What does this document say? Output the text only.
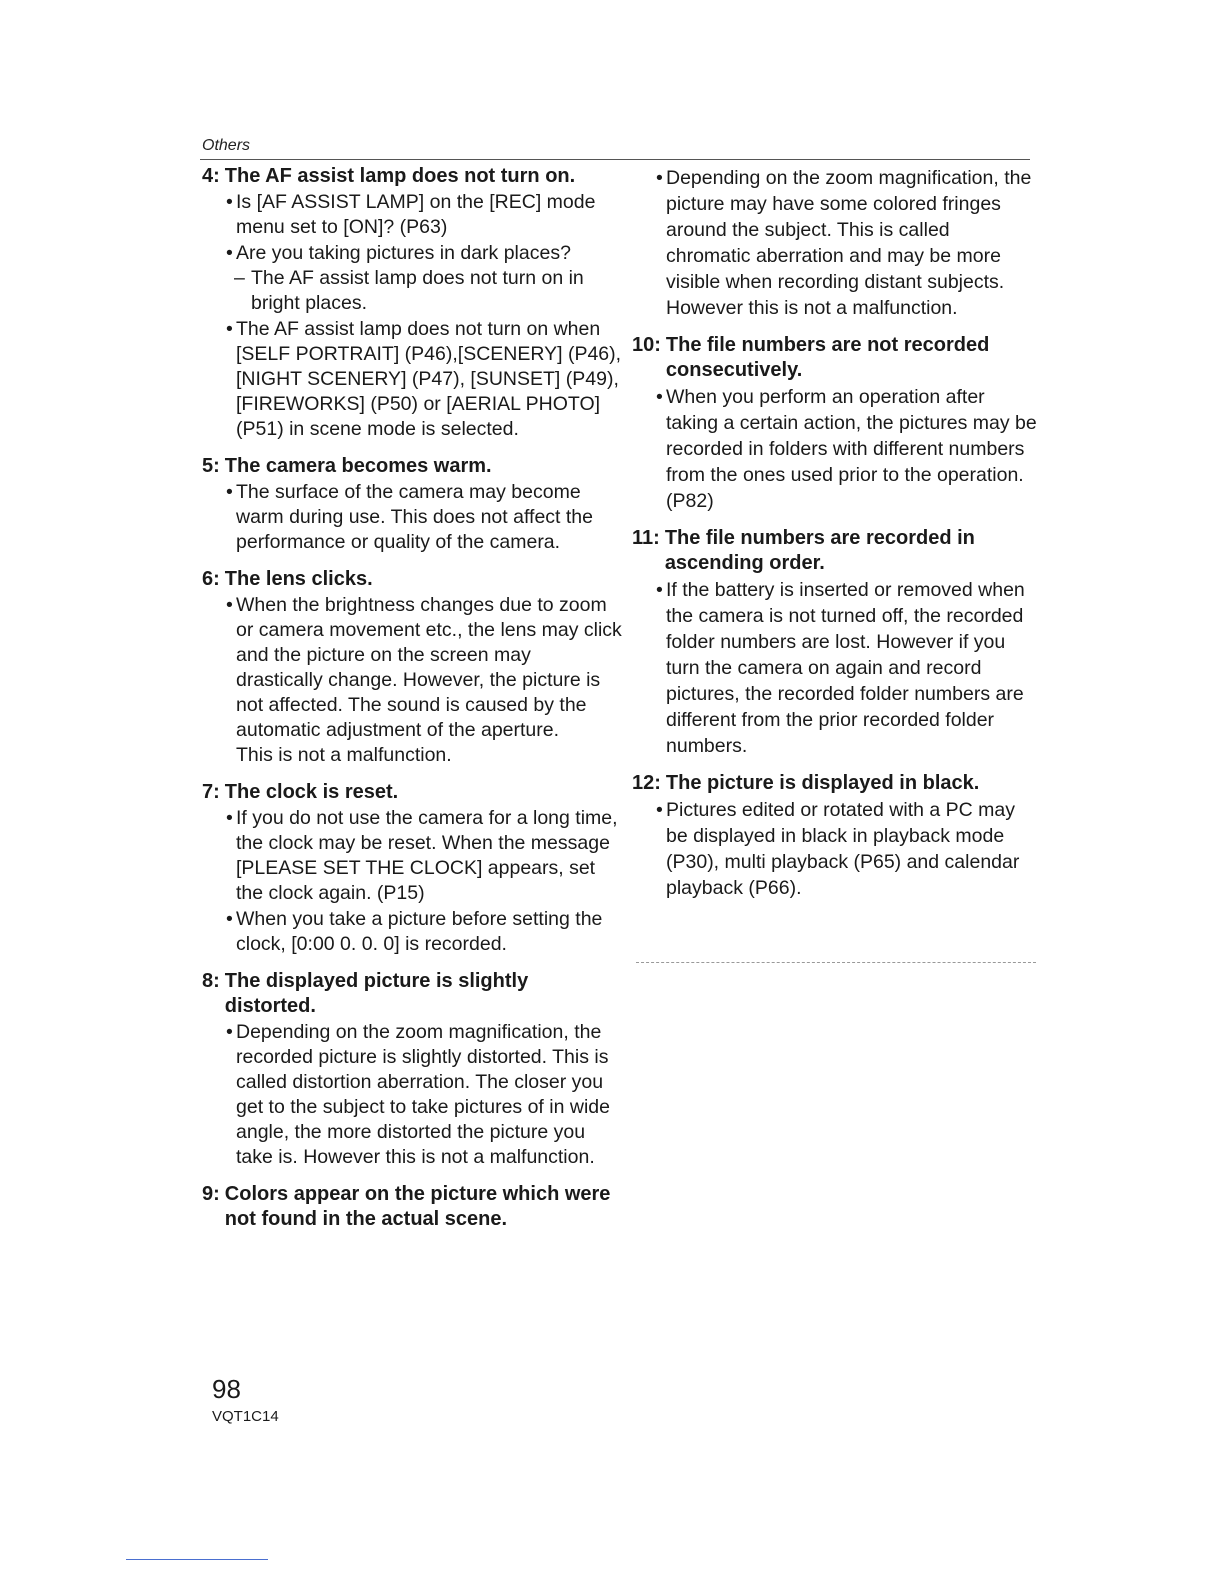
Others
4: The AF assist lamp does not turn on.
• Is [AF ASSIST LAMP] on the [REC] mode menu set to [ON]? (P63)
• Are you taking pictures in dark places?
– The AF assist lamp does not turn on in bright places.
• The AF assist lamp does not turn on when [SELF PORTRAIT] (P46),[SCENERY] (P46), [NIGHT SCENERY] (P47), [SUNSET] (P49), [FIREWORKS] (P50) or [AERIAL PHOTO] (P51) in scene mode is selected.
5: The camera becomes warm.
• The surface of the camera may become warm during use. This does not affect the performance or quality of the camera.
6: The lens clicks.
• When the brightness changes due to zoom or camera movement etc., the lens may click and the picture on the screen may drastically change. However, the picture is not affected. The sound is caused by the automatic adjustment of the aperture.
This is not a malfunction.
7: The clock is reset.
• If you do not use the camera for a long time, the clock may be reset. When the message [PLEASE SET THE CLOCK] appears, set the clock again. (P15)
• When you take a picture before setting the clock, [0:00 0. 0. 0] is recorded.
8: The displayed picture is slightly distorted.
• Depending on the zoom magnification, the recorded picture is slightly distorted. This is called distortion aberration. The closer you get to the subject to take pictures of in wide angle, the more distorted the picture you take is. However this is not a malfunction.
9: Colors appear on the picture which were not found in the actual scene.
• Depending on the zoom magnification, the picture may have some colored fringes around the subject. This is called chromatic aberration and may be more visible when recording distant subjects. However this is not a malfunction.
10: The file numbers are not recorded consecutively.
• When you perform an operation after taking a certain action, the pictures may be recorded in folders with different numbers from the ones used prior to the operation. (P82)
11: The file numbers are recorded in ascending order.
• If the battery is inserted or removed when the camera is not turned off, the recorded folder numbers are lost. However if you turn the camera on again and record pictures, the recorded folder numbers are different from the prior recorded folder numbers.
12: The picture is displayed in black.
• Pictures edited or rotated with a PC may be displayed in black in playback mode (P30), multi playback (P65) and calendar playback (P66).
98
VQT1C14
